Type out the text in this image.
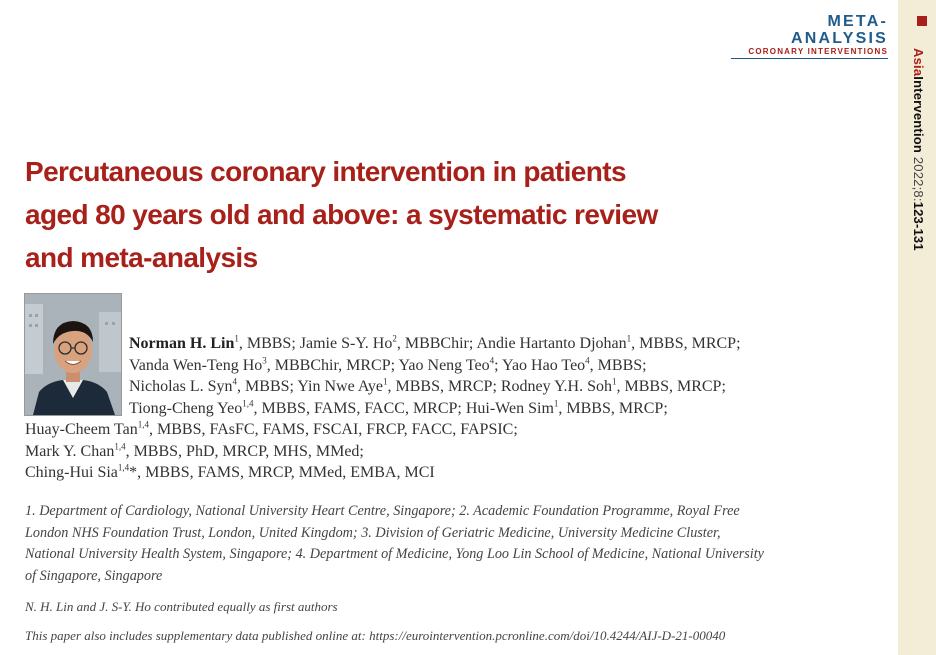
AsiaIntervention 2022;8:123-131
META-ANALYSIS
CORONARY INTERVENTIONS
Percutaneous coronary intervention in patients
aged 80 years old and above: a systematic review
and meta-analysis
Norman H. Lin$^1$, MBBS; Jamie S-Y. Ho$^2$, MBBChir; Andie Hartanto Djohan$^1$, MBBS, MRCP;
Vanda Wen-Teng Ho$^3$, MBBChir, MRCP; Yao Neng Teo$^4$; Yao Hao Teo$^4$, MBBS;
Nicholas L. Syn$^4$, MBBS; Yin Nwe Aye$^1$, MBBS, MRCP; Rodney Y.H. Soh$^1$, MBBS, MRCP;
Tiong-Cheng Yeo$^{1,4}$, MBBS, FAMS, FACC, MRCP; Hui-Wen Sim$^1$, MBBS, MRCP;
Huay-Cheem Tan$^{1,4}$, MBBS, FAsFC, FAMS, FSCAI, FRCP, FACC, FAPSIC;
Mark Y. Chan$^{1,4}$, MBBS, PhD, MRCP, MHS, MMed;
Ching-Hui Sia$^{1,4}$*, MBBS, FAMS, MRCP, MMed, EMBA, MCI
1. Department of Cardiology, National University Heart Centre, Singapore; 2. Academic Foundation Programme, Royal Free
London NHS Foundation Trust, London, United Kingdom; 3. Division of Geriatric Medicine, University Medicine Cluster,
National University Health System, Singapore; 4. Department of Medicine, Yong Loo Lin School of Medicine, National University
of Singapore, Singapore
N. H. Lin and J. S-Y. Ho contributed equally as first authors
This paper also includes supplementary data published online at: https://eurointervention.pcronline.com/doi/10.4244/AIJ-D-21-00040
